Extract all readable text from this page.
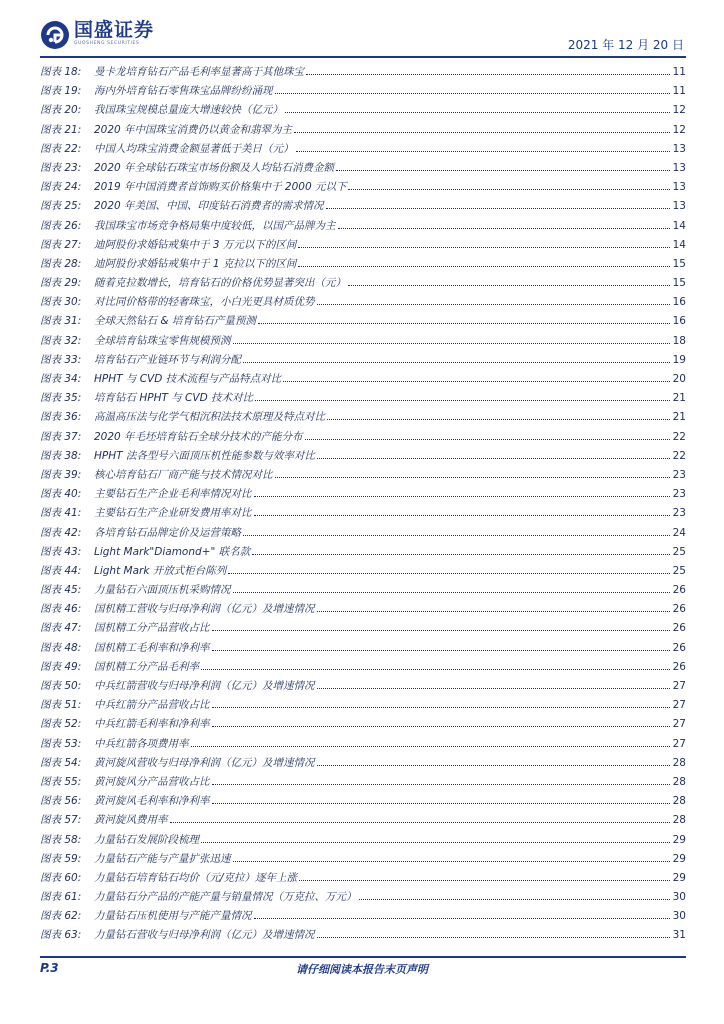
国盛证券
GUOSHENG SECURITIES	2021 年 12 月 20 日
图表 18:	曼卡龙培育钻石产品毛利率显著高于其他珠宝	11
图表 19:	海内外培育钻石零售珠宝品牌纷纷涌现	11
图表 20:	我国珠宝规模总量庞大增速较快（亿元）	12
图表 21:	2020 年中国珠宝消费仍以黄金和翡翠为主	12
图表 22:	中国人均珠宝消费金额显著低于美日（元）	13
图表 23:	2020 年全球钻石珠宝市场份额及人均钻石消费金额	13
图表 24:	2019 年中国消费者首饰购买价格集中于 2000 元以下	13
图表 25:	2020 年美国、中国、印度钻石消费者的需求情况	13
图表 26:	我国珠宝市场竞争格局集中度较低，以国产品牌为主	14
图表 27:	迪阿股份求婚钻戒集中于 3 万元以下的区间	14
图表 28:	迪阿股份求婚钻戒集中于 1 克拉以下的区间	15
图表 29:	随着克拉数增长，培育钻石的价格优势显著突出（元）	15
图表 30:	对比同价格带的轻奢珠宝，小白光更具材质优势	16
图表 31:	全球天然钻石 & 培育钻石产量预测	16
图表 32:	全球培育钻珠宝零售规模预测	18
图表 33:	培育钻石产业链环节与利润分配	19
图表 34:	HPHT 与 CVD 技术流程与产品特点对比	20
图表 35:	培育钻石 HPHT 与 CVD 技术对比	21
图表 36:	高温高压法与化学气相沉积法技术原理及特点对比	21
图表 37:	2020 年毛坯培育钻石全球分技术的产能分布	22
图表 38:	HPHT 法各型号六面顶压机性能参数与效率对比	22
图表 39:	核心培育钻石厂商产能与技术情况对比	23
图表 40:	主要钻石生产企业毛利率情况对比	23
图表 41:	主要钻石生产企业研发费用率对比	23
图表 42:	各培育钻石品牌定价及运营策略	24
图表 43:	Light Mark"Diamond+" 联名款	25
图表 44:	Light Mark 开放式柜台陈列	25
图表 45:	力量钻石六面顶压机采购情况	26
图表 46:	国机精工营收与归母净利润（亿元）及增速情况	26
图表 47:	国机精工分产品营收占比	26
图表 48:	国机精工毛利率和净利率	26
图表 49:	国机精工分产品毛利率	26
图表 50:	中兵红箭营收与归母净利润（亿元）及增速情况	27
图表 51:	中兵红箭分产品营收占比	27
图表 52:	中兵红箭毛利率和净利率	27
图表 53:	中兵红箭各项费用率	27
图表 54:	黄河旋风营收与归母净利润（亿元）及增速情况	28
图表 55:	黄河旋风分产品营收占比	28
图表 56:	黄河旋风毛利率和净利率	28
图表 57:	黄河旋风费用率	28
图表 58:	力量钻石发展阶段梳理	29
图表 59:	力量钻石产能与产量扩张迅速	29
图表 60:	力量钻石培育钻石均价（元/克拉）逐年上涨	29
图表 61:	力量钻石分产品的产能产量与销量情况（万克拉、万元）	30
图表 62:	力量钻石压机使用与产能产量情况	30
图表 63:	力量钻石营收与归母净利润（亿元）及增速情况	31
P.3	请仔细阅读本报告末页声明
